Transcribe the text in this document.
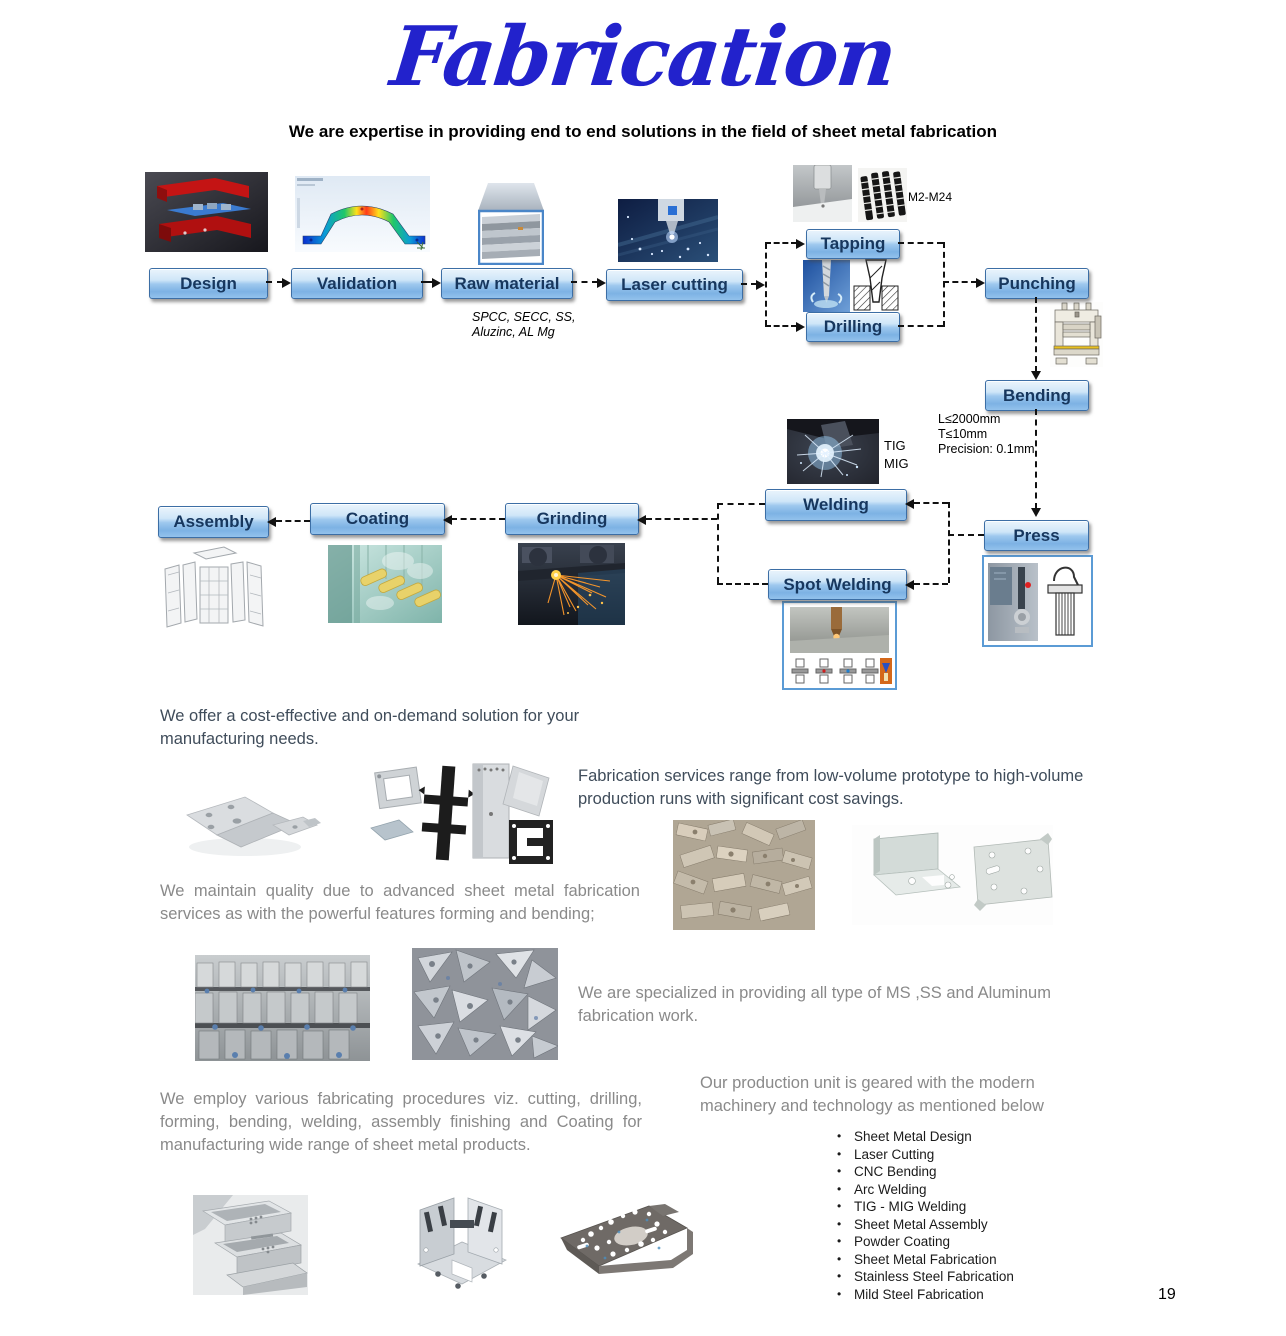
Fabrication
We are expertise in providing end to end solutions in the field of sheet metal fabrication
Design	Validation	Raw material	Laser cutting
Tapping
Drilling
Punching
Bending
Press
Welding
Spot Welding
Grinding
Coating
Assembly
SPCC, SECC, SS,
Aluzinc, AL Mg
M2-M24
L≤2000mm
T≤10mm
Precision: 0.1mm
TIG
MIG
We offer a cost-effective and on-demand solution for your manufacturing needs.
Fabrication services range from low-volume prototype to high-volume production runs with significant cost savings.
We maintain quality due to advanced sheet metal fabrication services as with the powerful features forming and bending;
We are specialized in providing all type of MS ,SS and Aluminum fabrication work.
We employ various fabricating procedures viz. cutting, drilling, forming, bending, welding, assembly finishing and Coating for manufacturing wide range of sheet metal products.
Our production unit is geared with the modern machinery and technology as mentioned below
• Sheet Metal Design
• Laser Cutting
• CNC Bending
• Arc Welding
• TIG - MIG Welding
• Sheet Metal Assembly
• Powder Coating
• Sheet Metal Fabrication
• Stainless Steel Fabrication
• Mild Steel Fabrication	19
